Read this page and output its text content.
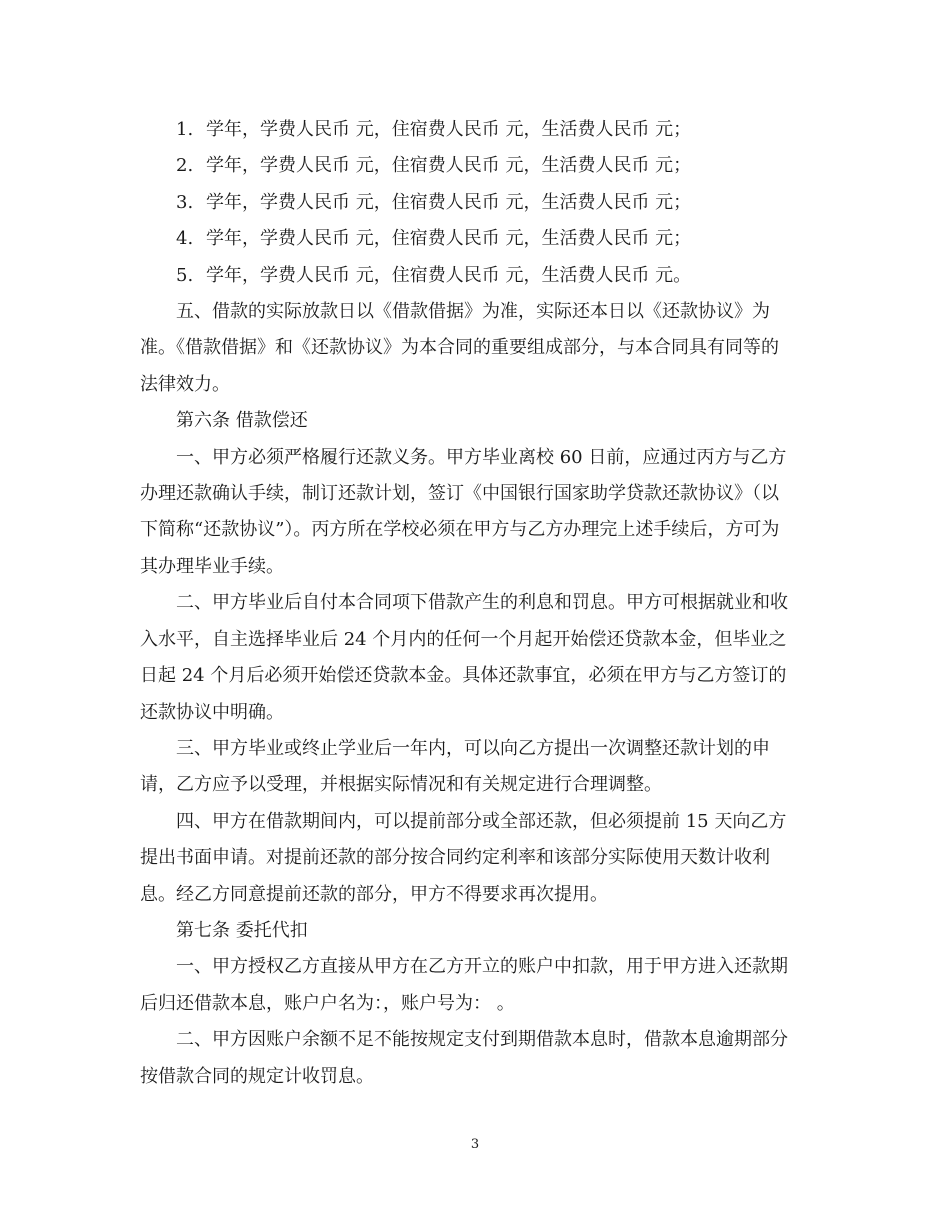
1. 学年，学费人民币 元，住宿费人民币 元，生活费人民币 元；

2. 学年，学费人民币 元，住宿费人民币 元，生活费人民币 元；

3. 学年，学费人民币 元，住宿费人民币 元，生活费人民币 元；

4. 学年，学费人民币 元，住宿费人民币 元，生活费人民币 元；

5. 学年，学费人民币 元，住宿费人民币 元，生活费人民币 元。

五、借款的实际放款日以《借款借据》为准，实际还本日以《还款协议》为

准。《借款借据》和《还款协议》为本合同的重要组成部分，与本合同具有同等的

法律效力。

第六条 借款偿还

一、甲方必须严格履行还款义务。甲方毕业离校 60 日前，应通过丙方与乙方

办理还款确认手续，制订还款计划，签订《中国银行国家助学贷款还款协议》（以

下简称“还款协议”）。丙方所在学校必须在甲方与乙方办理完上述手续后，方可为

其办理毕业手续。

二、甲方毕业后自付本合同项下借款产生的利息和罚息。甲方可根据就业和收

入水平，自主选择毕业后 24 个月内的任何一个月起开始偿还贷款本金，但毕业之

日起 24 个月后必须开始偿还贷款本金。具体还款事宜，必须在甲方与乙方签订的

还款协议中明确。

三、甲方毕业或终止学业后一年内，可以向乙方提出一次调整还款计划的申

请，乙方应予以受理，并根据实际情况和有关规定进行合理调整。

四、甲方在借款期间内，可以提前部分或全部还款，但必须提前 15 天向乙方

提出书面申请。对提前还款的部分按合同约定利率和该部分实际使用天数计收利

息。经乙方同意提前还款的部分，甲方不得要求再次提用。

第七条 委托代扣

一、甲方授权乙方直接从甲方在乙方开立的账户中扣款，用于甲方进入还款期

后归还借款本息，账户户名为：，账户号为： 。

二、甲方因账户余额不足不能按规定支付到期借款本息时，借款本息逾期部分

按借款合同的规定计收罚息。

3
